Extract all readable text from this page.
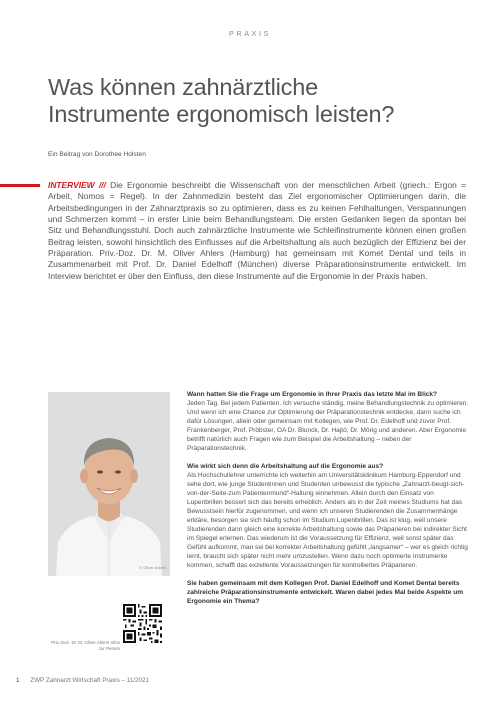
PRAXIS
Was können zahnärztliche
Instrumente ergonomisch leisten?
Ein Beitrag von Dorothee Holsten

INTERVIEW /// Die Ergonomie beschreibt die Wissenschaft von der menschlichen Arbeit (griech.: Ergon = Arbeit, Nomos = Regel). In der Zahnmedizin besteht das Ziel ergonomischer Optimierungen darin, die Arbeitsbedingungen in der Zahnarztpraxis so zu optimieren, dass es zu keinen Fehlhaltungen, Verspannungen und Schmerzen kommt – in erster Linie beim Behandlungsteam. Die ersten Gedanken liegen da spontan bei Sitz und Behandlungsstuhl. Doch auch zahnärztliche Instrumente wie Schleifinstrumente können einen großen Beitrag leisten, sowohl hinsichtlich des Einflusses auf die Arbeitshaltung als auch bezüglich der Effizienz bei der Präparation. Priv.-Doz. Dr. M. Oliver Ahlers (Hamburg) hat gemeinsam mit Komet Dental und teils in Zusammenarbeit mit Prof. Dr. Daniel Edelhoff (München) diverse Präparationsinstrumente entwickelt. Im Interview berichtet er über den Einfluss, den diese Instrumente auf die Ergonomie in der Praxis haben.

© Oliver Ahlers
Priv.-Doz. Dr. M. Oliver Ahlers Infos zur Person

Wann hatten Sie die Frage um Ergonomie in Ihrer Praxis das letzte Mal im Blick?

Jeden Tag. Bei jedem Patienten. Ich versuche ständig, meine Behandlungstechnik zu optimieren. Und wenn ich eine Chance zur Optimierung der Präparationstechnik entdecke, dann suche ich dafür Lösungen, allein oder gemeinsam mit Kollegen, wie Prof. Dr. Edelhoff und zuvor Prof. Frankenberger, Prof. Pröbster, OA Dr. Blunck, Dr. Hajtó, Dr. Mörig und anderen. Aber Ergonomie betrifft natürlich auch Fragen wie zum Beispiel die Arbeitshaltung – neben der Präparationstechnik.

Wie wirkt sich denn die Arbeitshaltung auf die Ergonomie aus?

Als Hochschullehrer unterrichte ich weiterhin am Universitätsklinikum Hamburg-Eppendorf und sehe dort, wie junge Studentinnen und Studenten unbewusst die typische „Zahnarzt-beugt-sich-von-der-Seite-zum Patientenmund“-Haltung einnehmen. Allein durch den Einsatz von Lupenbrillen bessert sich das bereits erheblich. Anders als in der Zeit meines Studiums hat das Bewusstsein hierfür zugenommen, und wenn ich unseren Studierenden die Zusammenhänge erkläre, besorgen sie sich häufig schon im Studium Lupenbrillen. Das ist klug, weil unsere Studierenden dann gleich eine korrekte Arbeitshaltung sowie das Präparieren bei indirekter Sicht im Spiegel erlernen. Das wiederum ist die Voraussetzung für Effizienz, weil sonst später das Gefühl aufkommt, man sei bei korrekter Arbeitshaltung gefühlt „langsamer“ – wer es gleich richtig lernt, braucht sich später nicht mehr umzustellen. Wenn dazu noch optimierte Instrumente kommen, schafft das exzellente Voraussetzungen für kontrolliertes Präparieren.

Sie haben gemeinsam mit dem Kollegen Prof. Daniel Edelhoff und Komet Dental bereits zahlreiche Präparationsinstrumente entwickelt. Waren dabei jedes Mal beide Aspekte um Ergonomie ein Thema?

1 ZWP Zahnarzt Wirtschaft Praxis – 11/2021
